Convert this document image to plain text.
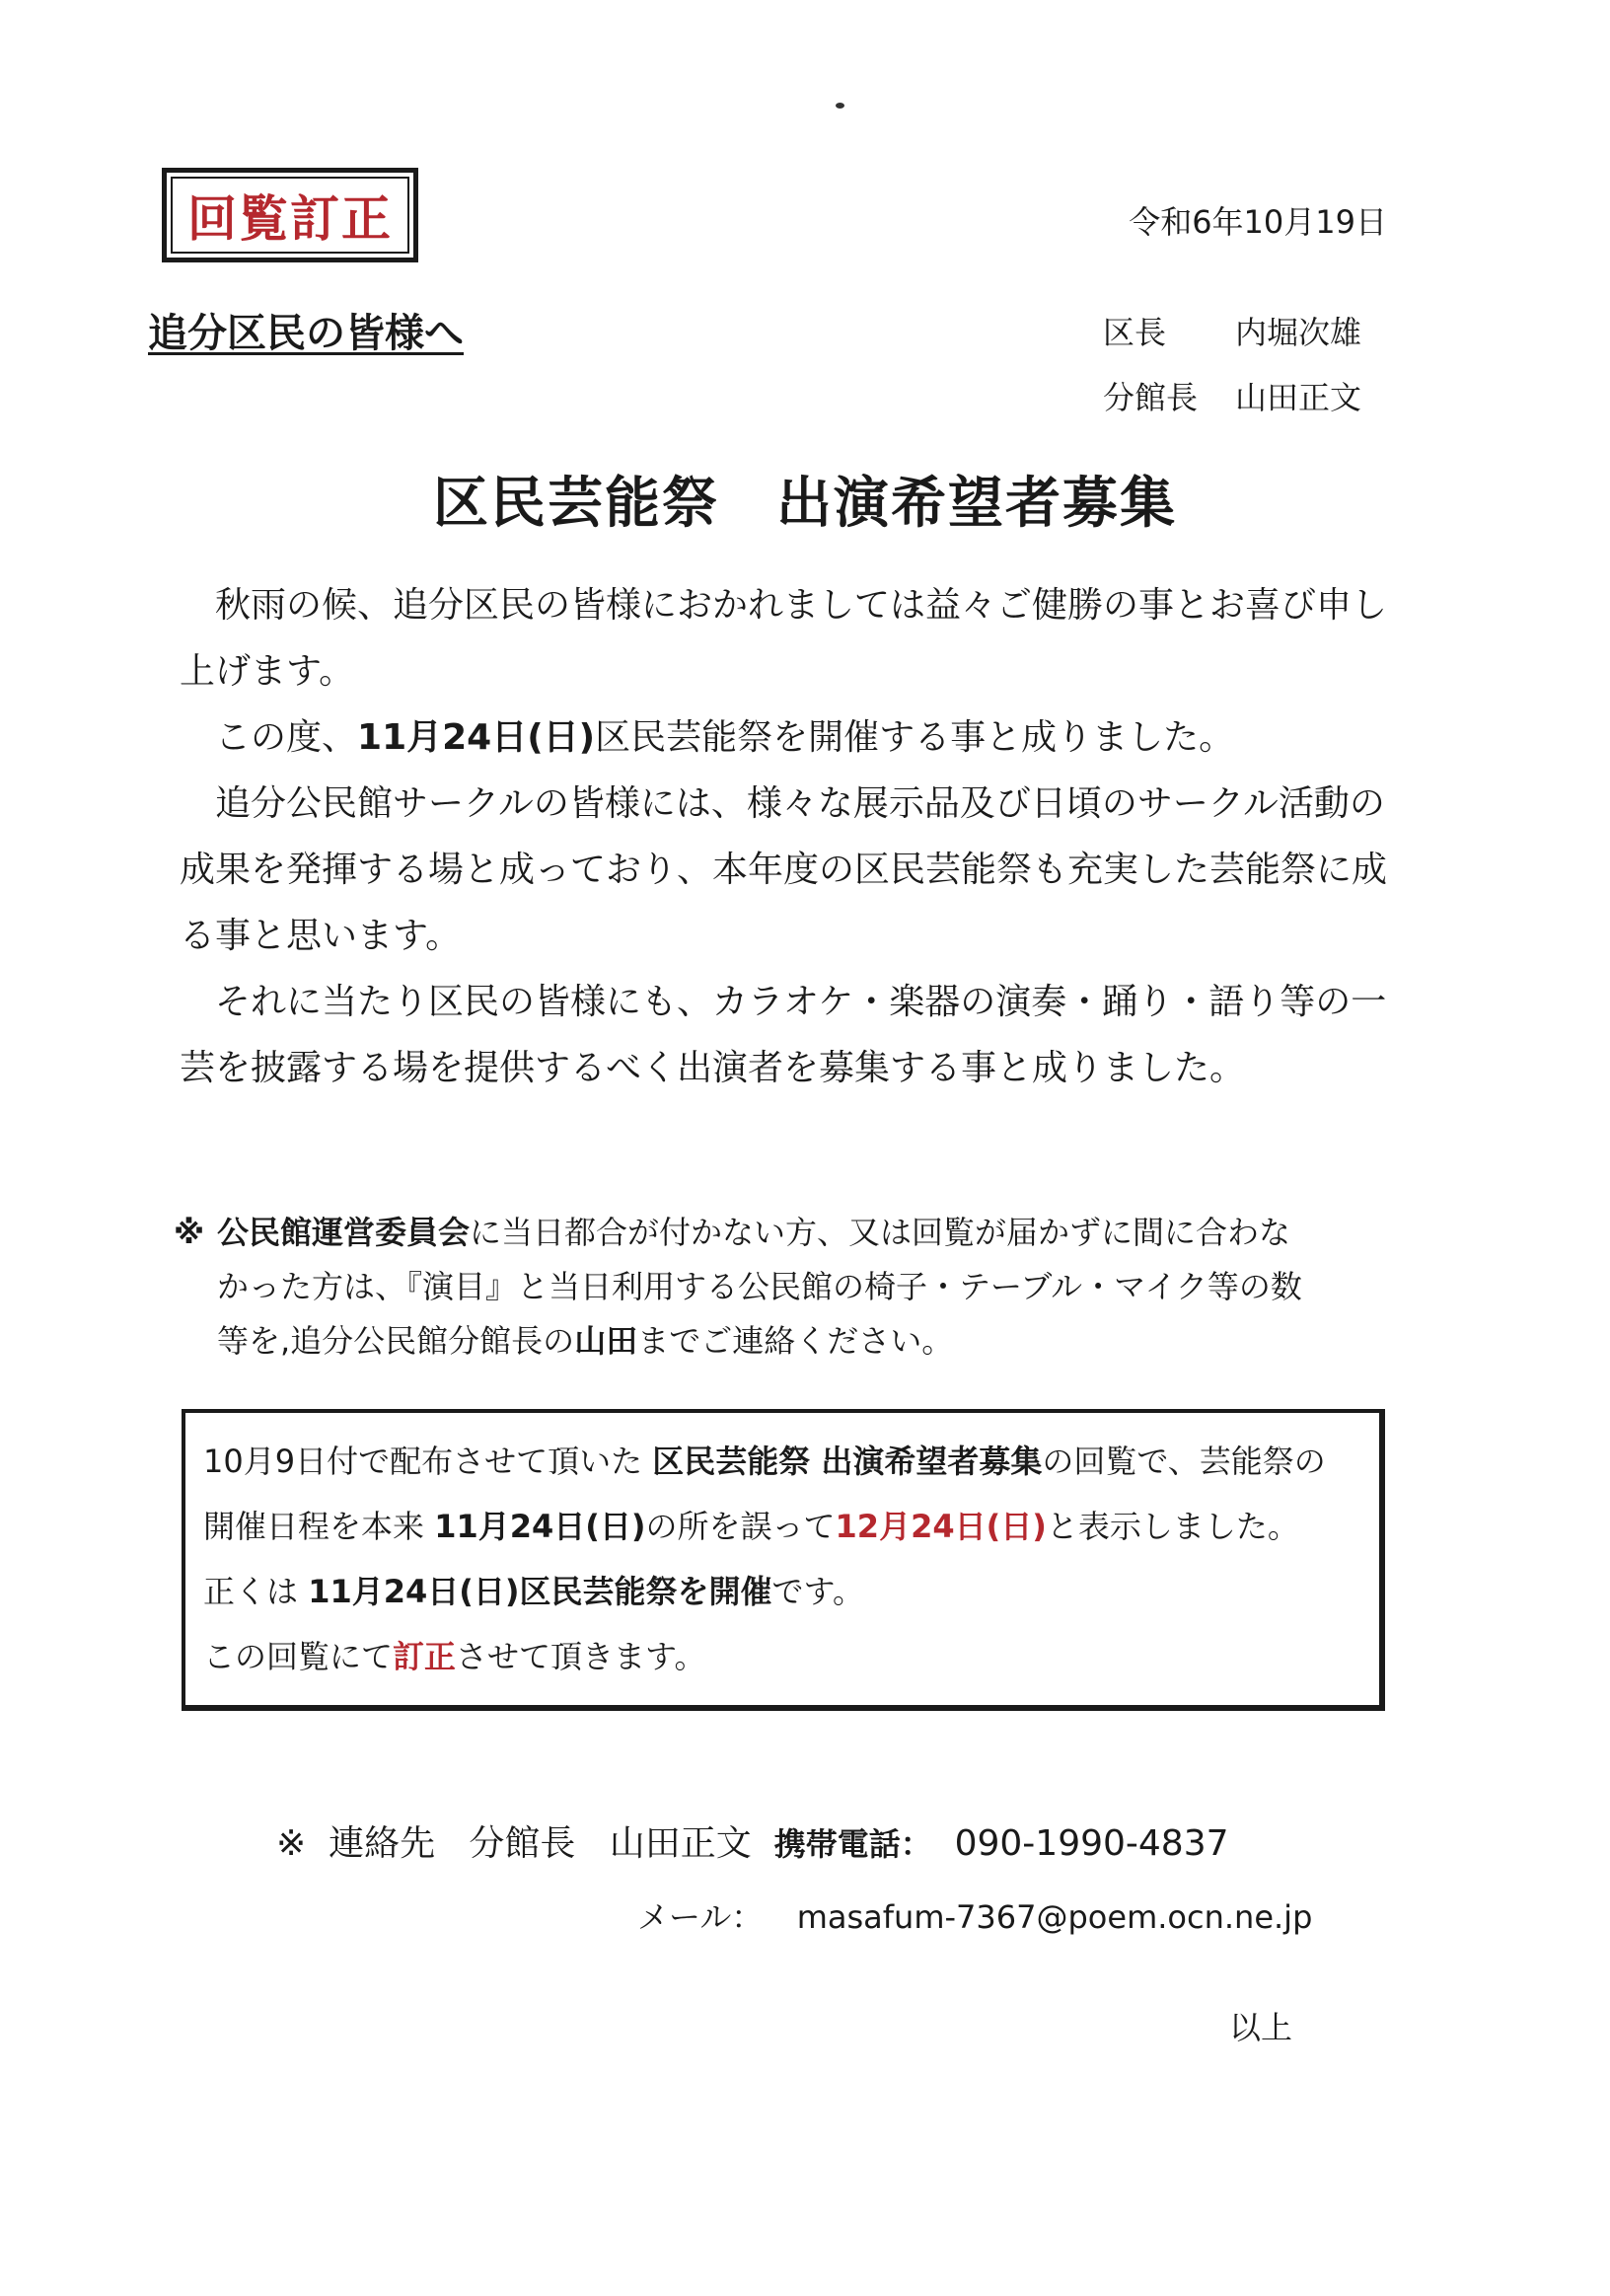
回覧訂正	令和6年10月19日
追分区民の皆様へ	区長 内堀次雄
分館長 山田正文
区民芸能祭　出演希望者募集

秋雨の候、追分区民の皆様におかれましては益々ご健勝の事とお喜び申し上げます。

この度、11月24日(日)区民芸能祭を開催する事と成りました。

追分公民館サークルの皆様には、様々な展示品及び日頃のサークル活動の成果を発揮する場と成っており、本年度の区民芸能祭も充実した芸能祭に成る事と思います。

それに当たり区民の皆様にも、カラオケ・楽器の演奏・踊り・語り等の一芸を披露する場を提供するべく出演者を募集する事と成りました。

※ 公民館運営委員会に当日都合が付かない方、又は回覧が届かずに間に合わな
かった方は、『演目』と当日利用する公民館の椅子・テーブル・マイク等の数
等を,追分公民館分館長の山田までご連絡ください。

10月9日付で配布させて頂いた 区民芸能祭 出演希望者募集の回覧で、芸能祭の

開催日程を本来 11月24日(日)の所を誤って12月24日(日)と表示しました。

正くは 11月24日(日)区民芸能祭を開催です。

この回覧にて訂正させて頂きます。

※ 連絡先 分館長 山田正文 携帯電話： 090-1990-4837
メール： masafum-7367@poem.ocn.ne.jp
以上
